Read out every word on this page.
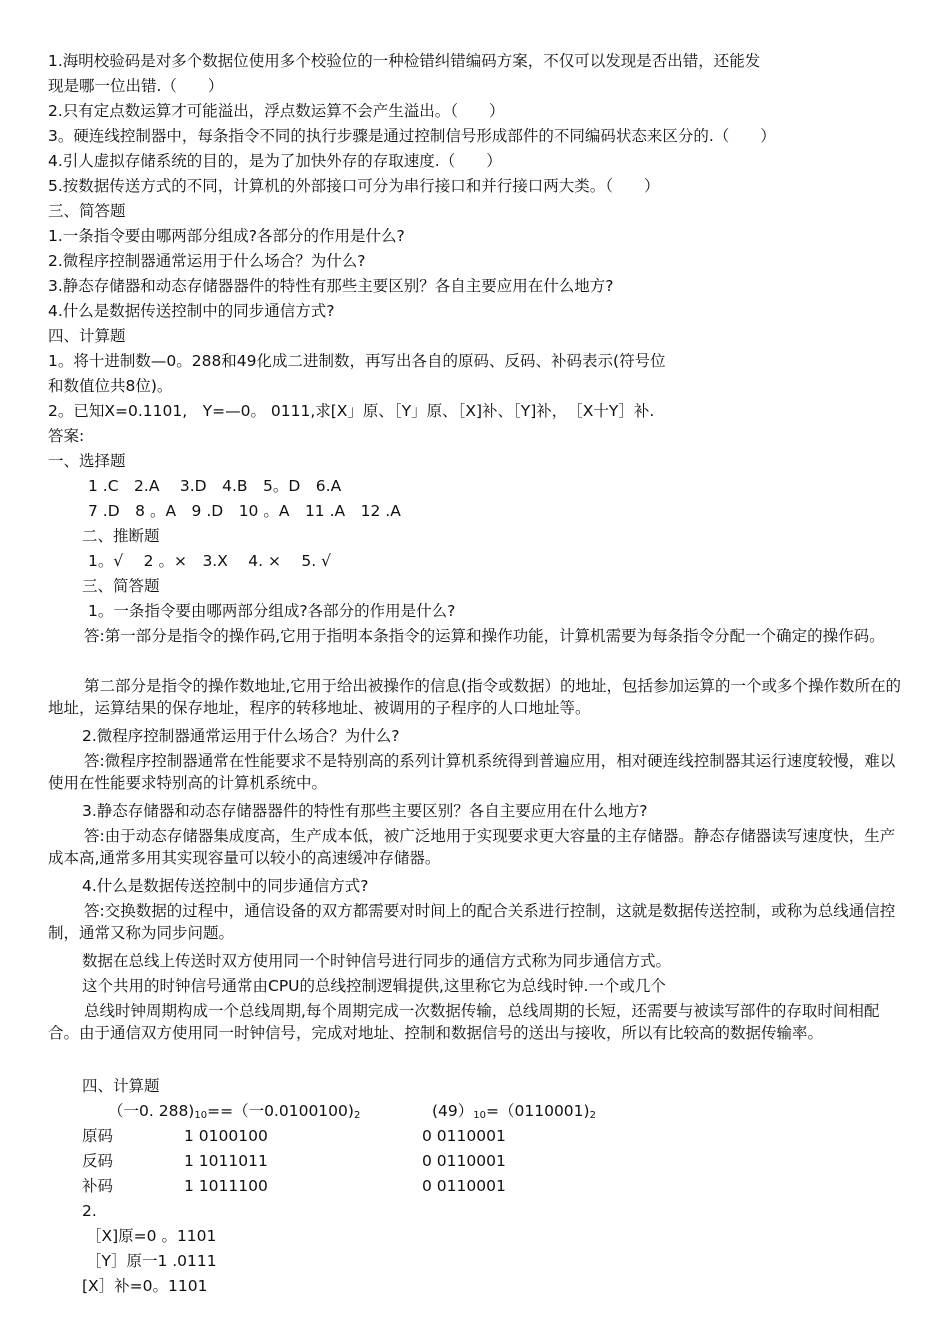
1.海明校验码是对多个数据位使用多个校验位的一种检错纠错编码方案，不仅可以发现是否出错，还能发
现是哪一位出错.（　　）
2.只有定点数运算才可能溢出，浮点数运算不会产生溢出。（　　）
3。硬连线控制器中，每条指令不同的执行步骤是通过控制信号形成部件的不同编码状态来区分的.（　　）
4.引人虚拟存储系统的目的，是为了加快外存的存取速度.（　　）
5.按数据传送方式的不同，计算机的外部接口可分为串行接口和并行接口两大类。（　　）
三、简答题
1.一条指令要由哪两部分组成?各部分的作用是什么?
2.微程序控制器通常运用于什么场合？为什么?
3.静态存储器和动态存储器器件的特性有那些主要区别？各自主要应用在什么地方?
4.什么是数据传送控制中的同步通信方式?
四、计算题
1。将十进制数—0。288和49化成二进制数，再写出各自的原码、反码、补码表示(符号位
和数值位共8位)。
2。已知X=0.1101,　Y=—0。 0111,求[X」原、［Y」原、［X]补、［Y]补，　［X十Y］补.
答案:
一、选择题
1 .C　2.A　 3.D　4.B　5。D　6.A
7 .D　8 。A　9 .D　10 。A　11 .A　12 .A
二、推断题
1。√　 2 。×　3.X　 4. ×　 5. √
三、简答题
1。一条指令要由哪两部分组成?各部分的作用是什么?
答:第一部分是指令的操作码,它用于指明本条指令的运算和操作功能，计算机需要为每条指令分配一个确定的操作码。
第二部分是指令的操作数地址,它用于给出被操作的信息(指令或数据）的地址，包括参加运算的一个或多个操作数所在的地址，运算结果的保存地址，程序的转移地址、被调用的子程序的人口地址等。
2.微程序控制器通常运用于什么场合？为什么?
答:微程序控制器通常在性能要求不是特别高的系列计算机系统得到普遍应用，相对硬连线控制器其运行速度较慢，难以使用在性能要求特别高的计算机系统中。
3.静态存储器和动态存储器器件的特性有那些主要区别？各自主要应用在什么地方?
答:由于动态存储器集成度高，生产成本低，被广泛地用于实现要求更大容量的主存储器。静态存储器读写速度快，生产成本高,通常多用其实现容量可以较小的高速缓冲存储器。
4.什么是数据传送控制中的同步通信方式?
答:交换数据的过程中，通信设备的双方都需要对时间上的配合关系进行控制，这就是数据传送控制，或称为总线通信控制，通常又称为同步问题。
数据在总线上传送时双方使用同一个时钟信号进行同步的通信方式称为同步通信方式。
这个共用的时钟信号通常由CPU的总线控制逻辑提供,这里称它为总线时钟.一个或几个
总线时钟周期构成一个总线周期,每个周期完成一次数据传输，总线周期的长短，还需要与被读写部件的存取时间相配合。由于通信双方使用同一时钟信号，完成对地址、控制和数据信号的送出与接收，所以有比较高的数据传输率。
四、计算题
（一0. $288)_{10}==$（一$0.0100100)_2$	$(49)_{10}=(0110001)_2$
原码	1 0100100	0 0110001
反码	1 1011011	0 0110001
补码	1 1011100	0 0110001
2.
［X]原=0 。1101
［Y］原一1 .0111
[X］补=0。1101
